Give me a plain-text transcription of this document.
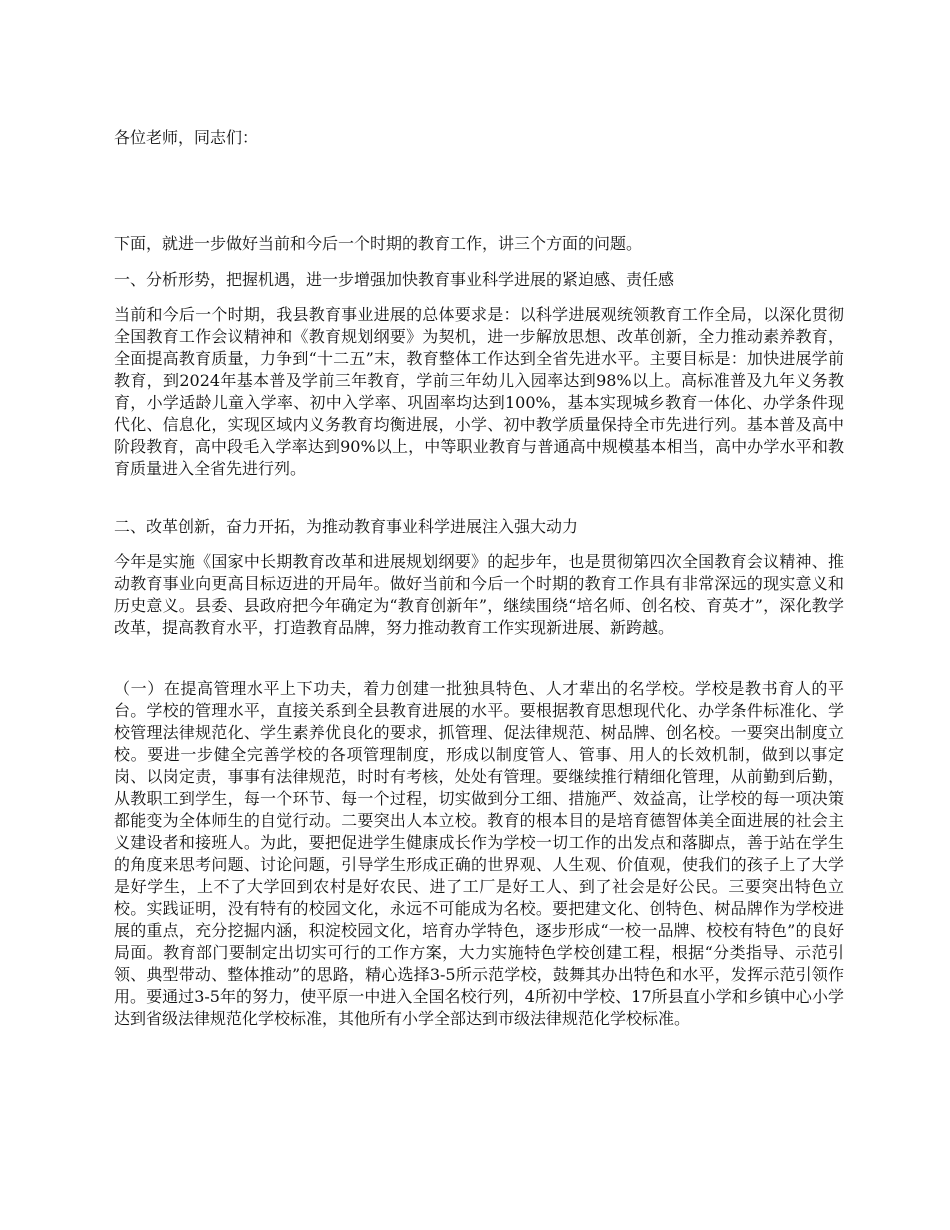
各位老师，同志们：

下面，就进一步做好当前和今后一个时期的教育工作，讲三个方面的问题。

一、分析形势，把握机遇，进一步增强加快教育事业科学进展的紧迫感、责任感

当前和今后一个时期，我县教育事业进展的总体要求是：以科学进展观统领教育工作全局，以深化贯彻全国教育工作会议精神和《教育规划纲要》为契机，进一步解放思想、改革创新，全力推动素养教育，全面提高教育质量，力争到“十二五”末，教育整体工作达到全省先进水平。主要目标是：加快进展学前教育，到2024年基本普及学前三年教育，学前三年幼儿入园率达到98%以上。高标准普及九年义务教育，小学适龄儿童入学率、初中入学率、巩固率均达到100%，基本实现城乡教育一体化、办学条件现代化、信息化，实现区域内义务教育均衡进展，小学、初中教学质量保持全市先进行列。基本普及高中阶段教育，高中段毛入学率达到90%以上，中等职业教育与普通高中规模基本相当，高中办学水平和教育质量进入全省先进行列。

二、改革创新，奋力开拓，为推动教育事业科学进展注入强大动力

今年是实施《国家中长期教育改革和进展规划纲要》的起步年，也是贯彻第四次全国教育会议精神、推动教育事业向更高目标迈进的开局年。做好当前和今后一个时期的教育工作具有非常深远的现实意义和历史意义。县委、县政府把今年确定为“教育创新年”，继续围绕“培名师、创名校、育英才”，深化教学改革，提高教育水平，打造教育品牌，努力推动教育工作实现新进展、新跨越。

（一）在提高管理水平上下功夫，着力创建一批独具特色、人才辈出的名学校。学校是教书育人的平台。学校的管理水平，直接关系到全县教育进展的水平。要根据教育思想现代化、办学条件标准化、学校管理法律规范化、学生素养优良化的要求，抓管理、促法律规范、树品牌、创名校。一要突出制度立校。要进一步健全完善学校的各项管理制度，形成以制度管人、管事、用人的长效机制，做到以事定岗、以岗定责，事事有法律规范，时时有考核，处处有管理。要继续推行精细化管理，从前勤到后勤，从教职工到学生，每一个环节、每一个过程，切实做到分工细、措施严、效益高，让学校的每一项决策都能变为全体师生的自觉行动。二要突出人本立校。教育的根本目的是培育德智体美全面进展的社会主义建设者和接班人。为此，要把促进学生健康成长作为学校一切工作的出发点和落脚点，善于站在学生的角度来思考问题、讨论问题，引导学生形成正确的世界观、人生观、价值观，使我们的孩子上了大学是好学生，上不了大学回到农村是好农民、进了工厂是好工人、到了社会是好公民。三要突出特色立校。实践证明，没有特有的校园文化，永远不可能成为名校。要把建文化、创特色、树品牌作为学校进展的重点，充分挖掘内涵，积淀校园文化，培育办学特色，逐步形成“一校一品牌、校校有特色”的良好局面。教育部门要制定出切实可行的工作方案，大力实施特色学校创建工程，根据“分类指导、示范引领、典型带动、整体推动”的思路，精心选择3-5所示范学校，鼓舞其办出特色和水平，发挥示范引领作用。要通过3-5年的努力，使平原一中进入全国名校行列，4所初中学校、17所县直小学和乡镇中心小学达到省级法律规范化学校标准，其他所有小学全部达到市级法律规范化学校标准。
